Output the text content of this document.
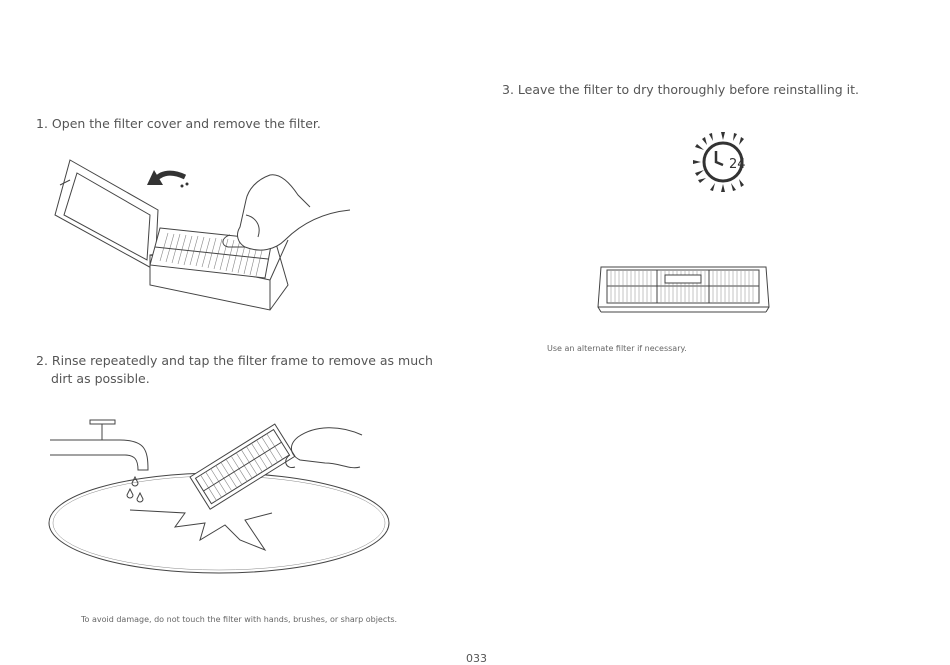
1. Open the filter cover and remove the filter.

2. Rinse repeatedly and tap the filter frame to remove as much
dirt as possible.

To avoid damage, do not touch the filter with hands, brushes, or sharp objects.

3. Leave the filter to dry thoroughly before reinstalling it.

24

Use an alternate filter if necessary.

033
